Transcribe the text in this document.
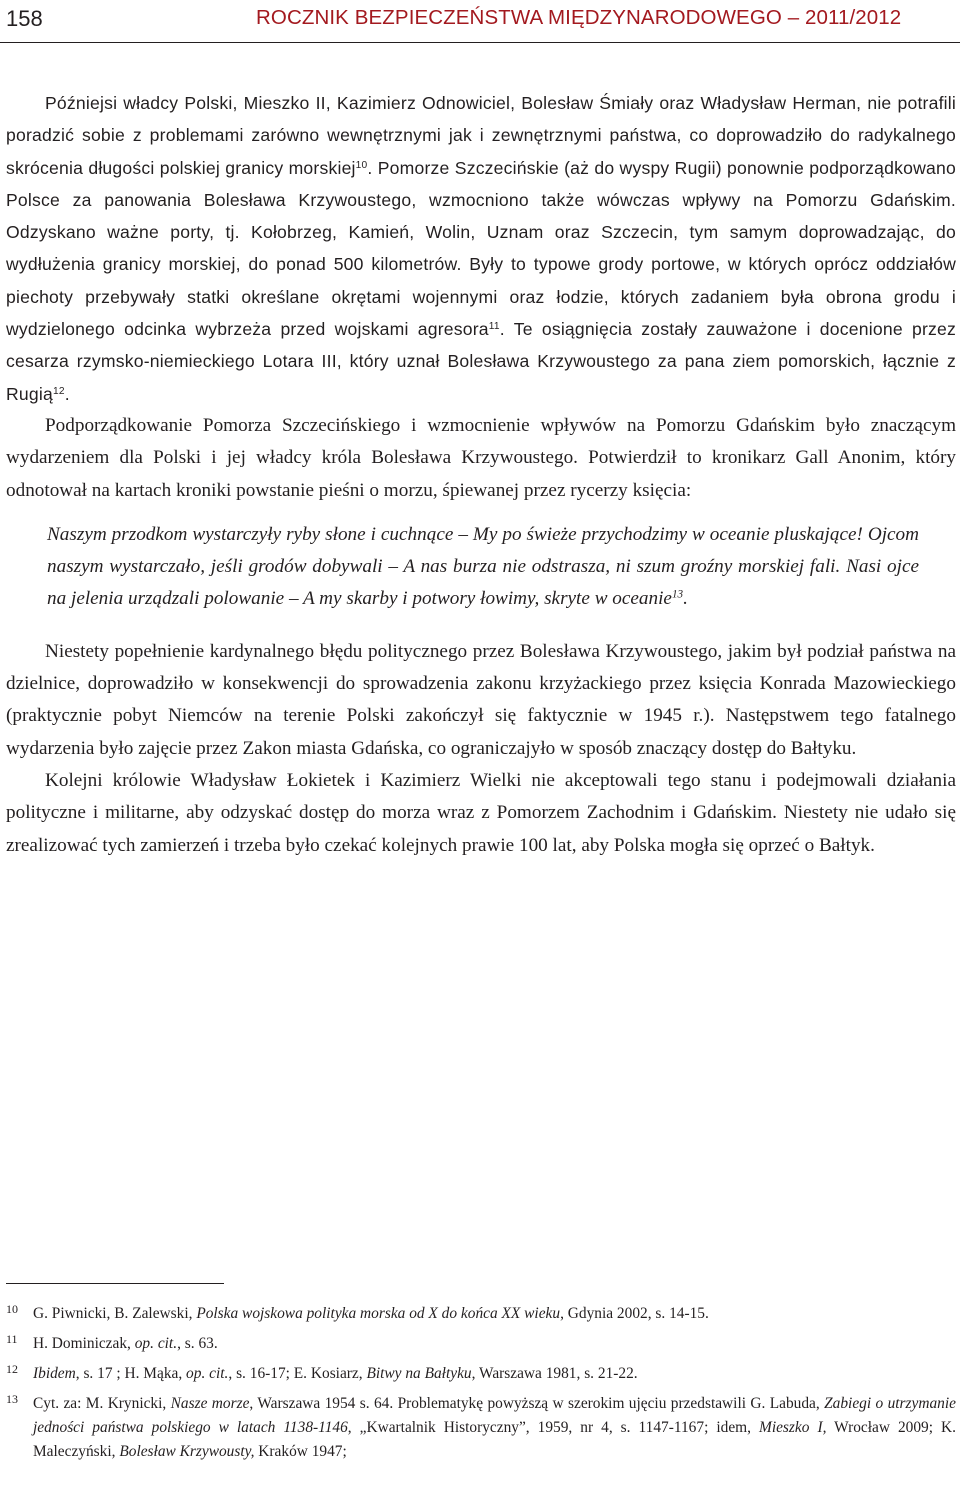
158	ROCZNIK BEZPIECZEŃSTWA MIĘDZYNARODOWEGO – 2011/2012

Późniejsi władcy Polski, Mieszko II, Kazimierz Odnowiciel, Bolesław Śmiały oraz Władysław Herman, nie potrafili poradzić sobie z problemami zarówno wewnętrznymi jak i zewnętrznymi państwa, co doprowadziło do radykalnego skrócenia długości polskiej granicy morskiej$^{10}$. Pomorze Szczecińskie (aż do wyspy Rugii) ponownie podporządkowano Polsce za panowania Bolesława Krzywoustego, wzmocniono także wówczas wpływy na Pomorzu Gdańskim. Odzyskano ważne porty, tj. Kołobrzeg, Kamień, Wolin, Uznam oraz Szczecin, tym samym doprowadzając, do wydłużenia granicy morskiej, do ponad 500 kilometrów. Były to typowe grody portowe, w których oprócz oddziałów piechoty przebywały statki określane okrętami wojennymi oraz łodzie, których zadaniem była obrona grodu i wydzielonego odcinka wybrzeża przed wojskami agresora$^{11}$. Te osiągnięcia zostały zauważone i docenione przez cesarza rzymsko-niemieckiego Lotara III, który uznał Bolesława Krzywoustego za pana ziem pomorskich, łącznie z Rugią$^{12}$.

Podporządkowanie Pomorza Szczecińskiego i wzmocnienie wpływów na Pomorzu Gdańskim było znaczącym wydarzeniem dla Polski i jej władcy króla Bolesława Krzywoustego. Potwierdził to kronikarz Gall Anonim, który odnotował na kartach kroniki powstanie pieśni o morzu, śpiewanej przez rycerzy księcia:

Naszym przodkom wystarczyły ryby słone i cuchnące – My po świeże przychodzimy w oceanie pluskające! Ojcom naszym wystarczało, jeśli grodów dobywali – A nas burza nie odstrasza, ni szum groźny morskiej fali. Nasi ojce na jelenia urządzali polowanie – A my skarby i potwory łowimy, skryte w oceanie$^{13}$.

Niestety popełnienie kardynalnego błędu politycznego przez Bolesława Krzywoustego, jakim był podział państwa na dzielnice, doprowadziło w konsekwencji do sprowadzenia zakonu krzyżackiego przez księcia Konrada Mazowieckiego (praktycznie pobyt Niemców na terenie Polski zakończył się faktycznie w 1945 r.). Następstwem tego fatalnego wydarzenia było zajęcie przez Zakon miasta Gdańska, co ograniczajyło w sposób znaczący dostęp do Bałtyku.

Kolejni królowie Władysław Łokietek i Kazimierz Wielki nie akceptowali tego stanu i podejmowali działania polityczne i militarne, aby odzyskać dostęp do morza wraz z Pomorzem Zachodnim i Gdańskim. Niestety nie udało się zrealizować tych zamierzeń i trzeba było czekać kolejnych prawie 100 lat, aby Polska mogła się oprzeć o Bałtyk.

10 G. Piwnicki, B. Zalewski, Polska wojskowa polityka morska od X do końca XX wieku, Gdynia 2002, s. 14-15.
11 H. Dominiczak, op. cit., s. 63.
12 Ibidem, s. 17 ; H. Mąka, op. cit., s. 16-17; E. Kosiarz, Bitwy na Bałtyku, Warszawa 1981, s. 21-22.
13 Cyt. za: M. Krynicki, Nasze morze, Warszawa 1954 s. 64. Problematykę powyższą w szerokim ujęciu przedstawili G. Labuda, Zabiegi o utrzymanie jedności państwa polskiego w latach 1138-1146, „Kwartalnik Historyczny”, 1959, nr 4, s. 1147-1167; idem, Mieszko I, Wrocław 2009; K. Maleczyński, Bolesław Krzywousty, Kraków 1947;
